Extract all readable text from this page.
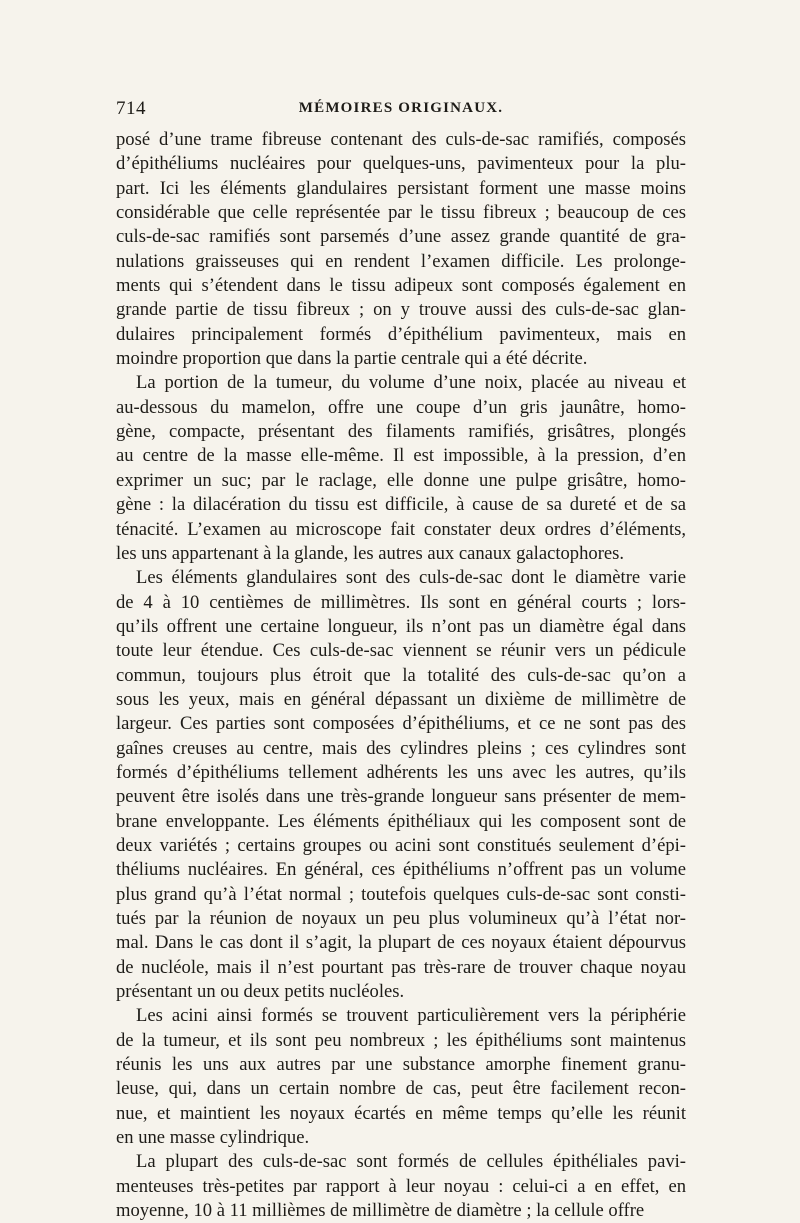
714	MÉMOIRES ORIGINAUX.
posé d’une trame fibreuse contenant des culs-de-sac ramifiés, composés
d’épithéliums nucléaires pour quelques-uns, pavimenteux pour la plu-
part. Ici les éléments glandulaires persistant forment une masse moins
considérable que celle représentée par le tissu fibreux ; beaucoup de ces
culs-de-sac ramifiés sont parsemés d’une assez grande quantité de gra-
nulations graisseuses qui en rendent l’examen difficile. Les prolonge-
ments qui s’étendent dans le tissu adipeux sont composés également en
grande partie de tissu fibreux ; on y trouve aussi des culs-de-sac glan-
dulaires principalement formés d’épithélium pavimenteux, mais en
moindre proportion que dans la partie centrale qui a été décrite.
La portion de la tumeur, du volume d’une noix, placée au niveau et
au-dessous du mamelon, offre une coupe d’un gris jaunâtre, homo-
gène, compacte, présentant des filaments ramifiés, grisâtres, plongés
au centre de la masse elle-même. Il est impossible, à la pression, d’en
exprimer un suc; par le raclage, elle donne une pulpe grisâtre, homo-
gène : la dilacération du tissu est difficile, à cause de sa dureté et de sa
ténacité. L’examen au microscope fait constater deux ordres d’éléments,
les uns appartenant à la glande, les autres aux canaux galactophores.
Les éléments glandulaires sont des culs-de-sac dont le diamètre varie
de 4 à 10 centièmes de millimètres. Ils sont en général courts ; lors-
qu’ils offrent une certaine longueur, ils n’ont pas un diamètre égal dans
toute leur étendue. Ces culs-de-sac viennent se réunir vers un pédicule
commun, toujours plus étroit que la totalité des culs-de-sac qu’on a
sous les yeux, mais en général dépassant un dixième de millimètre de
largeur. Ces parties sont composées d’épithéliums, et ce ne sont pas des
gaînes creuses au centre, mais des cylindres pleins ; ces cylindres sont
formés d’épithéliums tellement adhérents les uns avec les autres, qu’ils
peuvent être isolés dans une très-grande longueur sans présenter de mem-
brane enveloppante. Les éléments épithéliaux qui les composent sont de
deux variétés ; certains groupes ou acini sont constitués seulement d’épi-
théliums nucléaires. En général, ces épithéliums n’offrent pas un volume
plus grand qu’à l’état normal ; toutefois quelques culs-de-sac sont consti-
tués par la réunion de noyaux un peu plus volumineux qu’à l’état nor-
mal. Dans le cas dont il s’agit, la plupart de ces noyaux étaient dépourvus
de nucléole, mais il n’est pourtant pas très-rare de trouver chaque noyau
présentant un ou deux petits nucléoles.
Les acini ainsi formés se trouvent particulièrement vers la périphérie
de la tumeur, et ils sont peu nombreux ; les épithéliums sont maintenus
réunis les uns aux autres par une substance amorphe finement granu-
leuse, qui, dans un certain nombre de cas, peut être facilement recon-
nue, et maintient les noyaux écartés en même temps qu’elle les réunit
en une masse cylindrique.
La plupart des culs-de-sac sont formés de cellules épithéliales pavi-
menteuses très-petites par rapport à leur noyau : celui-ci a en effet, en
moyenne, 10 à 11 millièmes de millimètre de diamètre ; la cellule offre
